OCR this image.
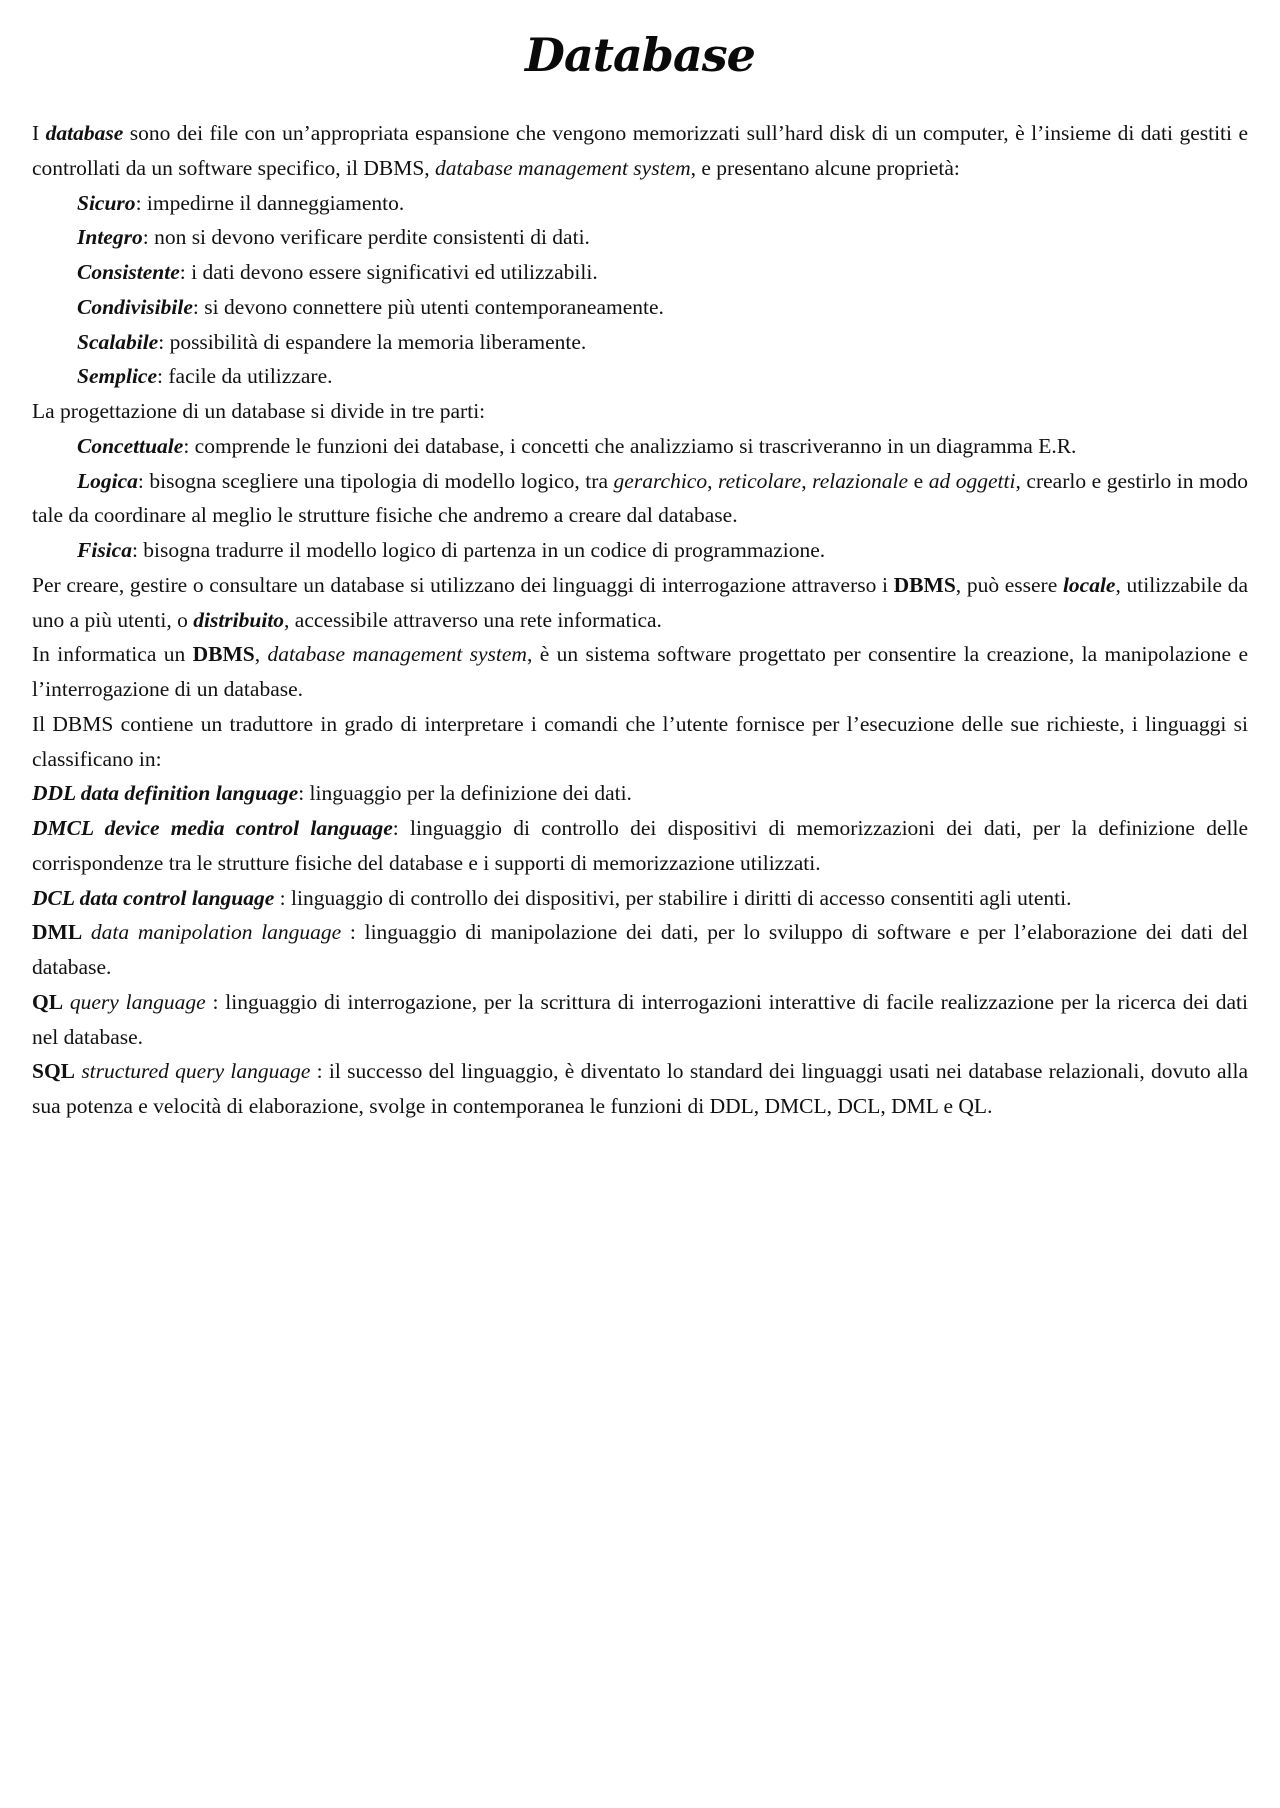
Database

I database sono dei file con un’appropriata espansione che vengono memorizzati sull’hard disk di un computer, è l’insieme di dati gestiti e controllati da un software specifico, il DBMS, database management system, e presentano alcune proprietà:

Sicuro: impedirne il danneggiamento.

Integro: non si devono verificare perdite consistenti di dati.

Consistente: i dati devono essere significativi ed utilizzabili.

Condivisibile: si devono connettere più utenti contemporaneamente.

Scalabile: possibilità di espandere la memoria liberamente.

Semplice: facile da utilizzare.

La progettazione di un database si divide in tre parti:

Concettuale: comprende le funzioni dei database, i concetti che analizziamo si trascriveranno in un diagramma E.R.

Logica: bisogna scegliere una tipologia di modello logico, tra gerarchico, reticolare, relazionale e ad oggetti, crearlo e gestirlo in modo tale da coordinare al meglio le strutture fisiche che andremo a creare dal database.

Fisica: bisogna tradurre il modello logico di partenza in un codice di programmazione.

Per creare, gestire o consultare un database si utilizzano dei linguaggi di interrogazione attraverso i DBMS, può essere locale, utilizzabile da uno a più utenti, o distribuito, accessibile attraverso una rete informatica.

In informatica un DBMS, database management system, è un sistema software progettato per consentire la creazione, la manipolazione e l’interrogazione di un database.

Il DBMS contiene un traduttore in grado di interpretare i comandi che l’utente fornisce per l’esecuzione delle sue richieste, i linguaggi si classificano in:

DDL data definition language: linguaggio per la definizione dei dati.

DMCL device media control language: linguaggio di controllo dei dispositivi di memorizzazioni dei dati, per la definizione delle corrispondenze tra le strutture fisiche del database e i supporti di memorizzazione utilizzati.

DCL data control language : linguaggio di controllo dei dispositivi, per stabilire i diritti di accesso consentiti agli utenti.

DML data manipolation language : linguaggio di manipolazione dei dati, per lo sviluppo di software e per l’elaborazione dei dati del database.

QL query language : linguaggio di interrogazione, per la scrittura di interrogazioni interattive di facile realizzazione per la ricerca dei dati nel database.

SQL structured query language : il successo del linguaggio, è diventato lo standard dei linguaggi usati nei database relazionali, dovuto alla sua potenza e velocità di elaborazione, svolge in contemporanea le funzioni di DDL, DMCL, DCL, DML e QL.
